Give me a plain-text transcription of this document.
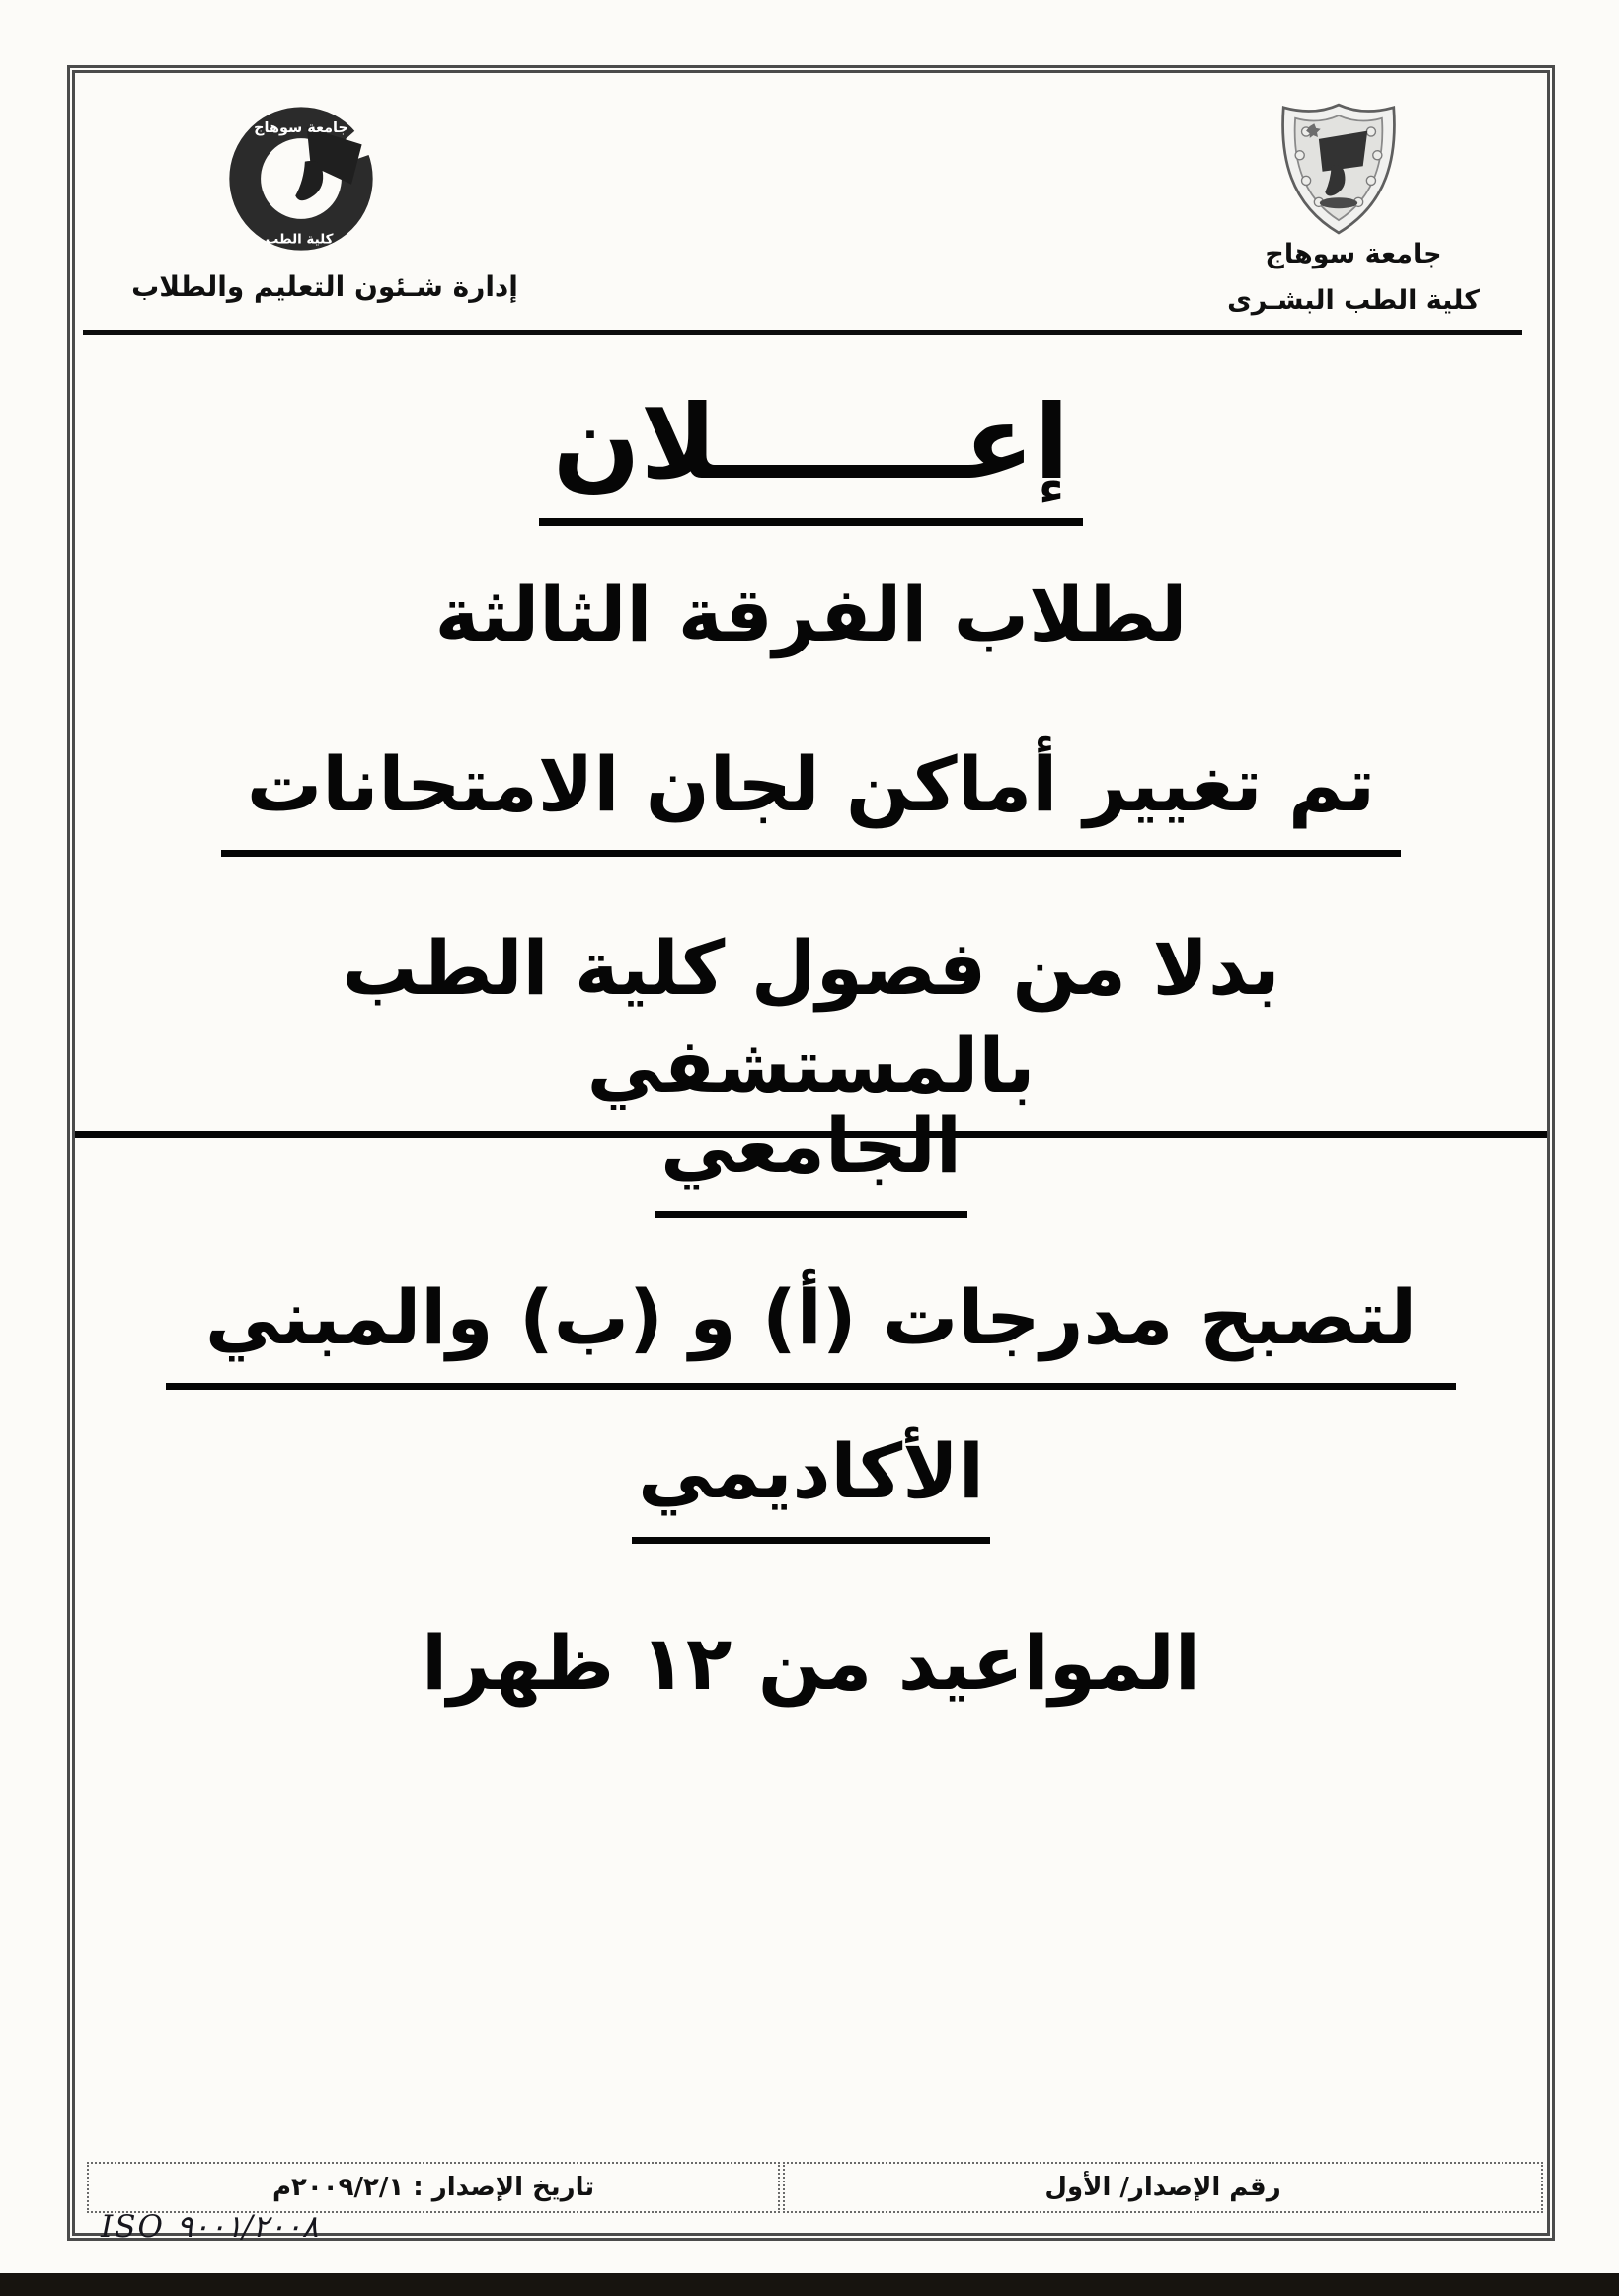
جامعة سوهاج
كلية الطب
إدارة شـئون التعليم والطلاب
جامعة سوهاج
كلية الطب البشـرى
إعـــــــلان
لطلاب الفرقة الثالثة
تم تغيير أماكن لجان الامتحانات
بدلا من فصول كلية الطب بالمستشفي
الجامعي
لتصبح مدرجات (أ) و (ب) والمبني
الأكاديمي
المواعيد من ١٢ ظهرا
رقم الإصدار/ الأول
تاريخ الإصدار : ٢٠٠٩/٢/١م
ISO ٩٠٠١/٢٠٠٨
